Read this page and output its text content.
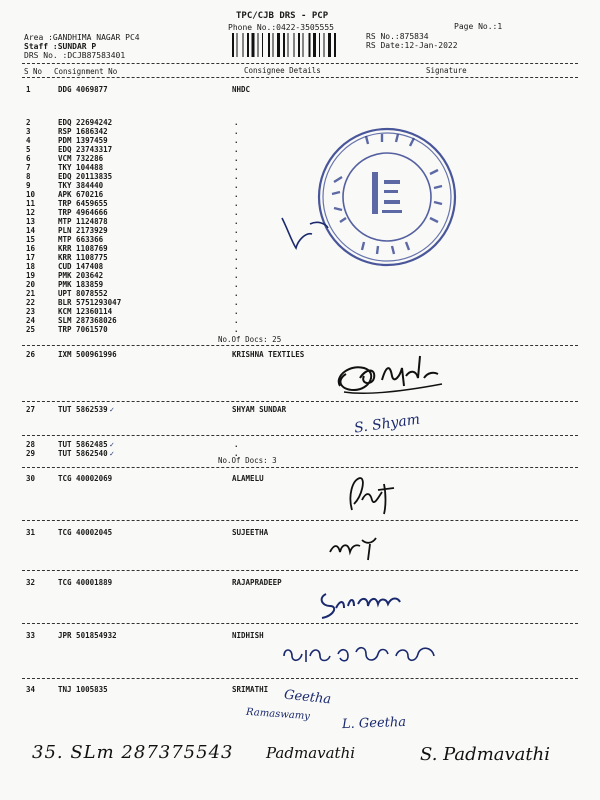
TPC/CJB DRS - PCP
Phone No.:0422-3505555	Page No.:1
Area :GANDHIMA NAGAR PC4
Staff :SUNDAR P
DRS No. :DCJB87583401
RS No.:875834
RS Date:12-Jan-2022
S No Consignment No	Consignee Details	Signature
1	DDG 4069877	NHDC
2	EDQ 22694242	.
3	RSP 1686342	.
4	PDM 1397459	.
5	EDQ 23743317	.
6	VCM 732286	.
7	TKY 104488	.
8	EDQ 20113835	.
9	TKY 384440	.
10	APK 670216	.
11	TRP 6459655	.
12	TRP 4964666	.
13	MTP 1124878	.
14	PLN 2173929	.
15	MTP 663366	.
16	KRR 1108769	.
17	KRR 1108775	.
18	CUD 147408	.
19	PMK 203642	.
20	PMK 183859	.
21	UPT 8078552	.
22	BLR 5751293047	.
23	KCM 12360114	.
24	SLM 287368026	.
25	TRP 7061570	.
26	IXM 500961996	KRISHNA TEXTILES
27	TUT 5862539 ✓	SHYAM SUNDAR
28	TUT 5862485 ✓	.
29	TUT 5862540 ✓	.
30	TCG 40002069	ALAMELU
31	TCG 40002045	SUJEETHA
32	TCG 40001889	RAJAPRADEEP
33	JPR 501854932	NIDHISH
34	TNJ 1005835	SRIMATHI
No.Of Docs: 25
No.Of Docs: 3
S. Shyam
Geetha
Ramaswamy
L. Geetha
35. SLm 287375543 Padmavathi	S. Padmavathi
